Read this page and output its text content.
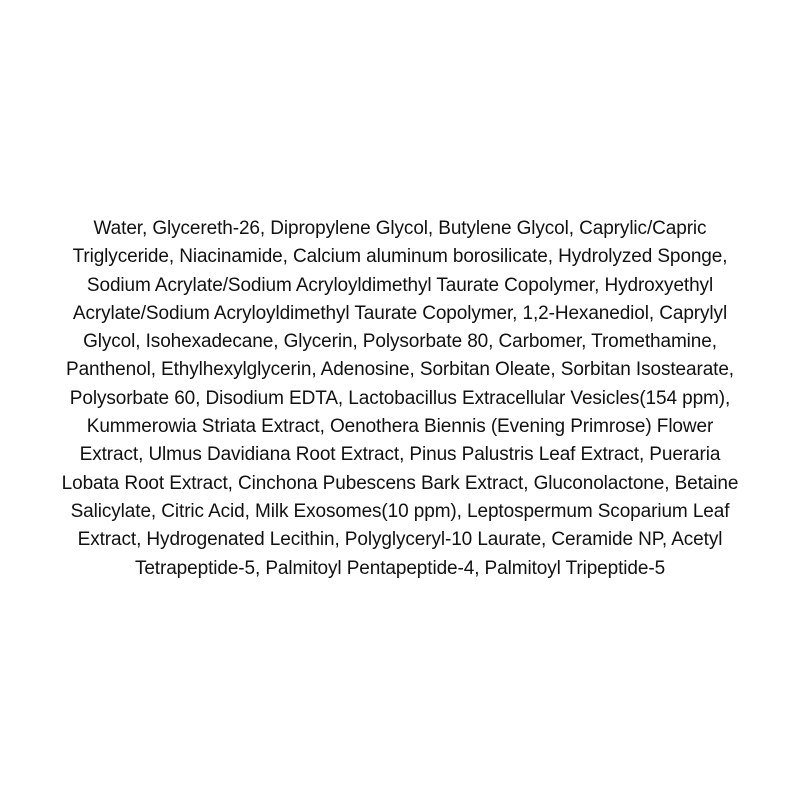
Water, Glycereth-26, Dipropylene Glycol, Butylene Glycol, Caprylic/Capric
Triglyceride, Niacinamide, Calcium aluminum borosilicate, Hydrolyzed Sponge,
Sodium Acrylate/Sodium Acryloyldimethyl Taurate Copolymer, Hydroxyethyl
Acrylate/Sodium Acryloyldimethyl Taurate Copolymer, 1,2-Hexanediol, Caprylyl
Glycol, Isohexadecane, Glycerin, Polysorbate 80, Carbomer, Tromethamine,
Panthenol, Ethylhexylglycerin, Adenosine, Sorbitan Oleate, Sorbitan Isostearate,
Polysorbate 60, Disodium EDTA, Lactobacillus Extracellular Vesicles(154 ppm),
Kummerowia Striata Extract, Oenothera Biennis (Evening Primrose) Flower
Extract, Ulmus Davidiana Root Extract, Pinus Palustris Leaf Extract, Pueraria
Lobata Root Extract, Cinchona Pubescens Bark Extract, Gluconolactone, Betaine
Salicylate, Citric Acid, Milk Exosomes(10 ppm), Leptospermum Scoparium Leaf
Extract, Hydrogenated Lecithin, Polyglyceryl-10 Laurate, Ceramide NP, Acetyl
Tetrapeptide-5, Palmitoyl Pentapeptide-4, Palmitoyl Tripeptide-5
